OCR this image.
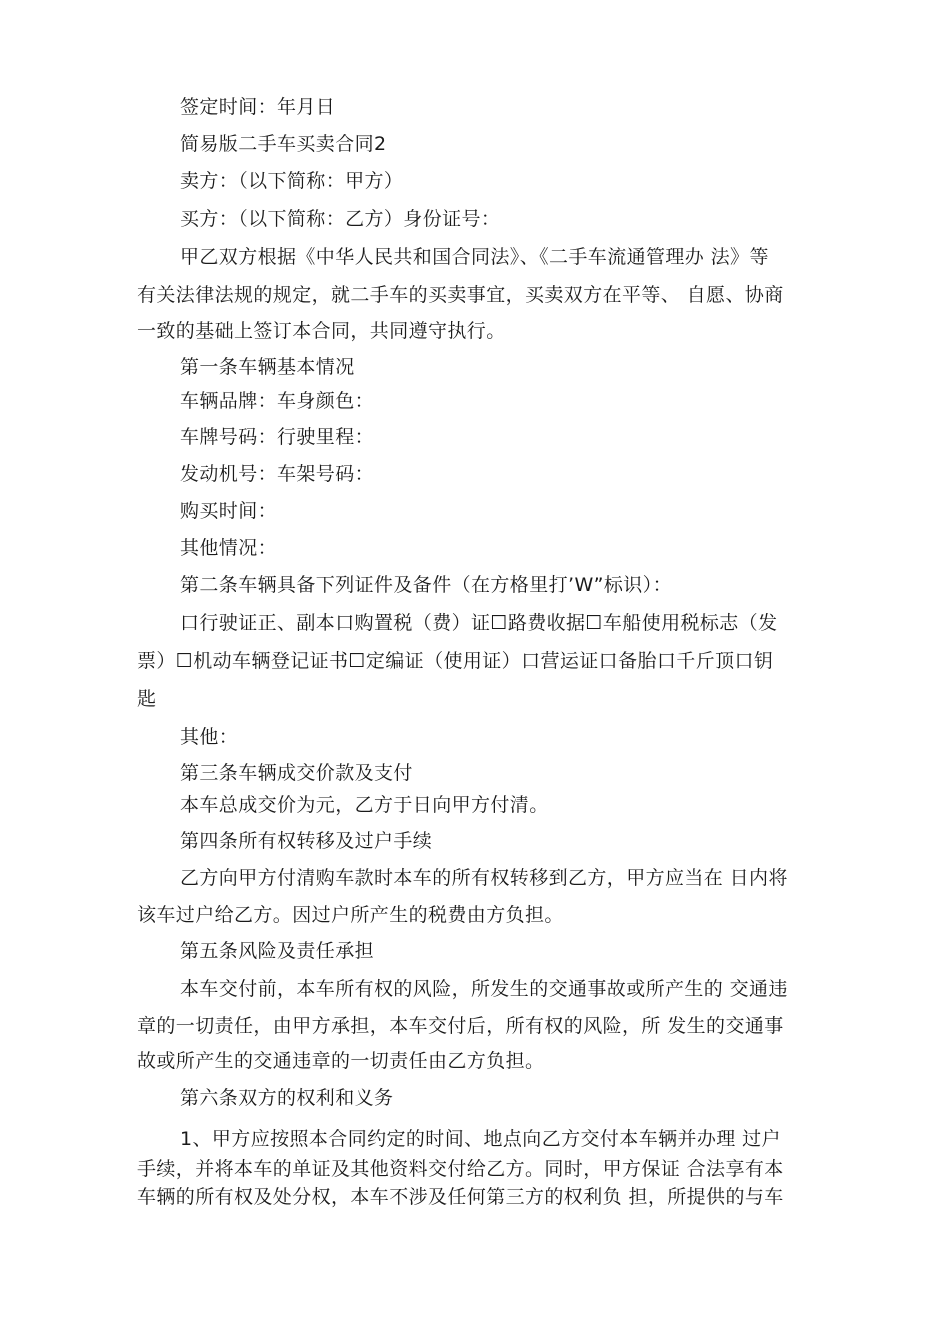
签定时间：年月日
简易版二手车买卖合同2
卖方：（以下简称：甲方）
买方：（以下简称：乙方）身份证号：
甲乙双方根据《中华人民共和国合同法》、《二手车流通管理办 法》等
有关法律法规的规定，就二手车的买卖事宜，买卖双方在平等、 自愿、协商
一致的基础上签订本合同，共同遵守执行。
第一条车辆基本情况
车辆品牌：车身颜色：
车牌号码：行驶里程：
发动机号：车架号码：
购买时间：
其他情况：
第二条车辆具备下列证件及备件（在方格里打’W”标识）：
口行驶证正、副本口购置税（费）证☐路费收据☐车船使用税标志（发
票）☐机动车辆登记证书☐定编证（使用证）口营运证口备胎口千斤顶口钥
匙
其他：
第三条车辆成交价款及支付
本车总成交价为元，乙方于日向甲方付清。
第四条所有权转移及过户手续
乙方向甲方付清购车款时本车的所有权转移到乙方，甲方应当在 日内将
该车过户给乙方。因过户所产生的税费由方负担。
第五条风险及责任承担
本车交付前，本车所有权的风险，所发生的交通事故或所产生的 交通违
章的一切责任，由甲方承担，本车交付后，所有权的风险，所 发生的交通事
故或所产生的交通违章的一切责任由乙方负担。
第六条双方的权利和义务
1、甲方应按照本合同约定的时间、地点向乙方交付本车辆并办理 过户
手续，并将本车的单证及其他资料交付给乙方。同时，甲方保证 合法享有本
车辆的所有权及处分权，本车不涉及任何第三方的权利负 担，所提供的与车
